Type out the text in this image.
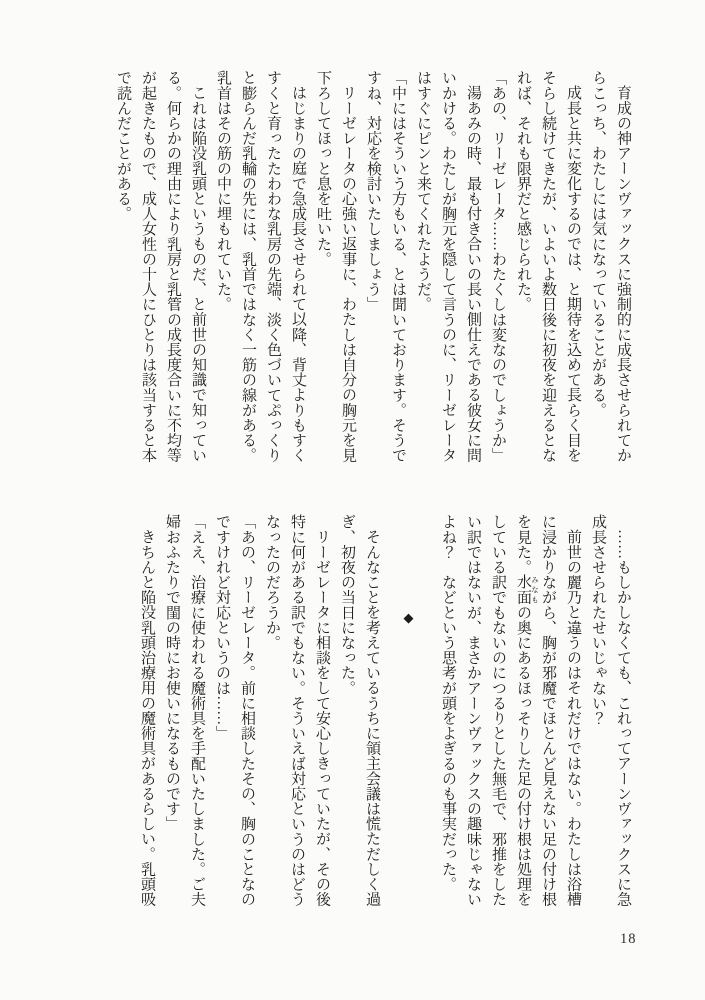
育成の神アーンヴァックスに強制的に成長させられてからこっち、わたしには気になっていることがある。

成長と共に変化するのでは、と期待を込めて長らく目をそらし続けてきたが、いよいよ数日後に初夜を迎えるとなれば、それも限界だと感じられた。

「あの、リーゼレータ……わたくしは変なのでしょうか」

湯あみの時、最も付き合いの長い側仕えである彼女に問いかける。わたしが胸元を隠して言うのに、リーゼレータはすぐにピンと来てくれたようだ。

「中にはそういう方もいる、とは聞いております。そうですね、対応を検討いたしましょう」

リーゼレータの心強い返事に、わたしは自分の胸元を見下ろしてほっと息を吐いた。

はじまりの庭で急成長させられて以降、背丈よりもすくすくと育ったたわわな乳房の先端、淡く色づいてぷっくりと膨らんだ乳輪の先には、乳首ではなく一筋の線がある。乳首はその筋の中に埋もれていた。

これは陥没乳頭というものだ、と前世の知識で知っている。何らかの理由により乳房と乳管の成長度合いに不均等が起きたもので、成人女性の十人にひとりは該当すると本で読んだことがある。

……もしかしなくても、これってアーンヴァックスに急成長させられたせいじゃない？

前世の麗乃と違うのはそれだけではない。わたしは浴槽に浸かりながら、胸が邪魔でほとんど見えない足の付け根を見た。水面 みなもの奥にあるほっそりした足の付け根は処理をしている訳でもないのにつるりとした無毛で、邪推をしたい訳ではないが、まさかアーンヴァックスの趣味じゃないよね？　などという思考が頭をよぎるのも事実だった。

◆

そんなことを考えているうちに領主会議は慌ただしく過ぎ、初夜の当日になった。

リーゼレータに相談をして安心しきっていたが、その後特に何がある訳でもない。そういえば対応というのはどうなったのだろうか。

「あの、リーゼレータ。前に相談したその、胸のことなのですけれど対応というのは……」

「ええ、治療に使われる魔術具を手配いたしました。ご夫婦おふたりで閨の時にお使いになるものです」

きちんと陥没乳頭治療用の魔術具があるらしい。乳頭吸

18
